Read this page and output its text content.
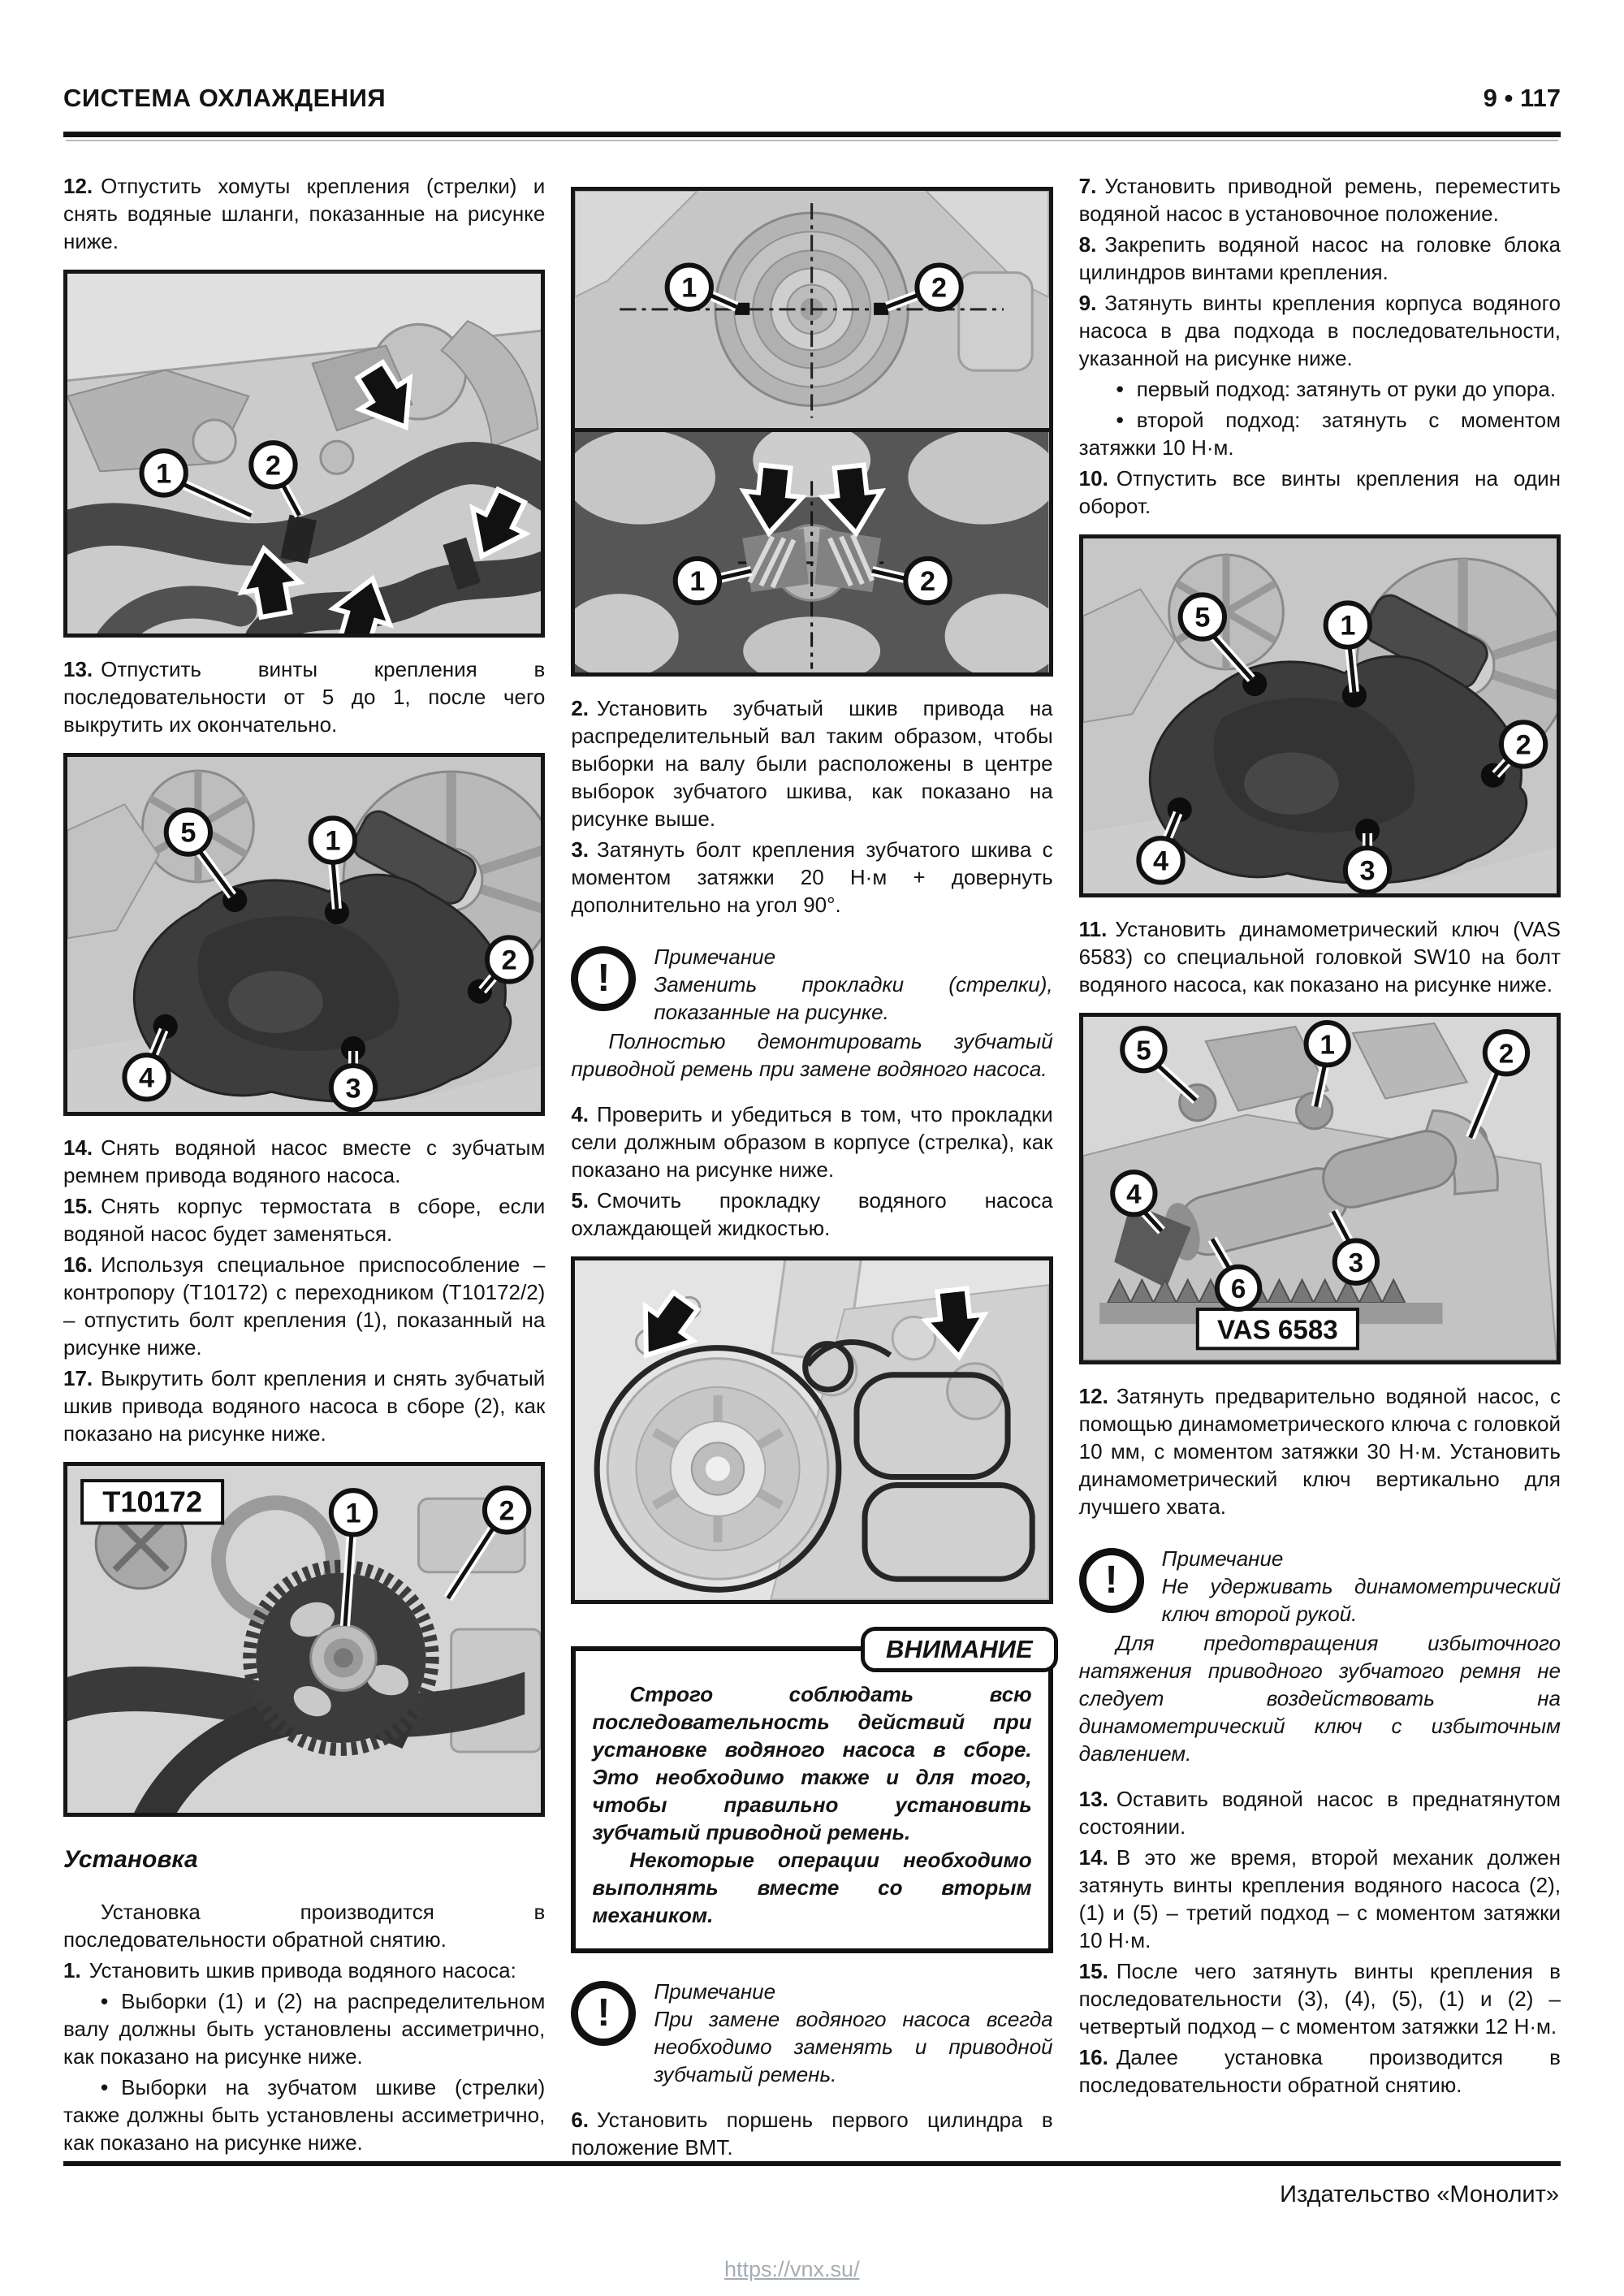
СИСТЕМА ОХЛАЖДЕНИЯ	9 • 117

12. Отпустить хомуты крепления (стрелки) и снять водяные шланги, показанные на рисунке ниже.

1	2

13. Отпустить винты крепления в последовательности от 5 до 1, после чего выкрутить их окончательно.

5	1
2
4	3

14. Снять водяной насос вместе с зубчатым ремнем привода водяного насоса.

15. Снять корпус термостата в сборе, если водяной насос будет заменяться.

16. Используя специальное приспособление – контропору (Т10172) с переходником (Т10172/2) – отпустить болт крепления (1), показанный на рисунке ниже.

17. Выкрутить болт крепления и снять зубчатый шкив привода водяного насоса в сборе (2), как показано на рисунке ниже.

T10172	1	2
Установка

Установка производится в последовательности обратной снятию.

1. Установить шкив привода водяного насоса:

• Выборки (1) и (2) на распределительном валу должны быть установлены ассиметрично, как показано на рисунке ниже.

• Выборки на зубчатом шкиве (стрелки) также должны быть установлены ассиметрично, как показано на рисунке ниже.

1	2
1	2

2. Установить зубчатый шкив привода на распределительный вал таким образом, чтобы выборки на валу были расположены в центре выборок зубчатого шкива, как показано на рисунке выше.

3. Затянуть болт крепления зубчатого шкива с моментом затяжки 20 Н·м + довернуть дополнительно на угол 90°.

!	Примечание
Заменить прокладки (стрелки), показанные на рисунке.

Полностью демонтировать зубчатый приводной ремень при замене водяного насоса.

4. Проверить и убедиться в том, что прокладки сели должным образом в корпусе (стрелка), как показано на рисунке ниже.

5. Смочить прокладку водяного насоса охлаждающей жидкостью.

ВНИМАНИЕ

Строго соблюдать всю последовательность действий при установке водяного насоса в сборе. Это необходимо также и для того, чтобы правильно установить зубчатый приводной ремень.

Некоторые операции необходимо выполнять вместе со вторым механиком.

!	Примечание
При замене водяного насоса всегда необходимо заменять и приводной зубчатый ремень.

6. Установить поршень первого цилиндра в положение ВМТ.

7. Установить приводной ремень, переместить водяной насос в установочное положение.

8. Закрепить водяной насос на головке блока цилиндров винтами крепления.

9. Затянуть винты крепления корпуса водяного насоса в два подхода в последовательности, указанной на рисунке ниже.

• первый подход: затянуть от руки до упора.

• второй подход: затянуть с моментом затяжки 10 Н·м.

10. Отпустить все винты крепления на один оборот.

5	1
2
4	3

11. Установить динамометрический ключ (VAS 6583) со специальной головкой SW10 на болт водяного насоса, как показано на рисунке ниже.

VAS 6583
5	1	2
4
3
6

12. Затянуть предварительно водяной насос, с помощью динамометрического ключа с головкой 10 мм, с моментом затяжки 30 Н·м. Установить динамометрический ключ вертикально для лучшего хвата.

!	Примечание
Не удерживать динамометрический ключ второй рукой.

Для предотвращения избыточного натяжения приводного зубчатого ремня не следует воздействовать на динамометрический ключ с избыточным давлением.

13. Оставить водяной насос в преднатянутом состоянии.

14. В это же время, второй механик должен затянуть винты крепления водяного насоса (2), (1) и (5) – третий подход – с моментом затяжки 10 Н·м.

15. После чего затянуть винты крепления в последовательности (3), (4), (5), (1) и (2) – четвертый подход – с моментом затяжки 12 Н·м.

16. Далее установка производится в последовательности обратной снятию.

Издательство «Монолит»
https://vnx.su/
